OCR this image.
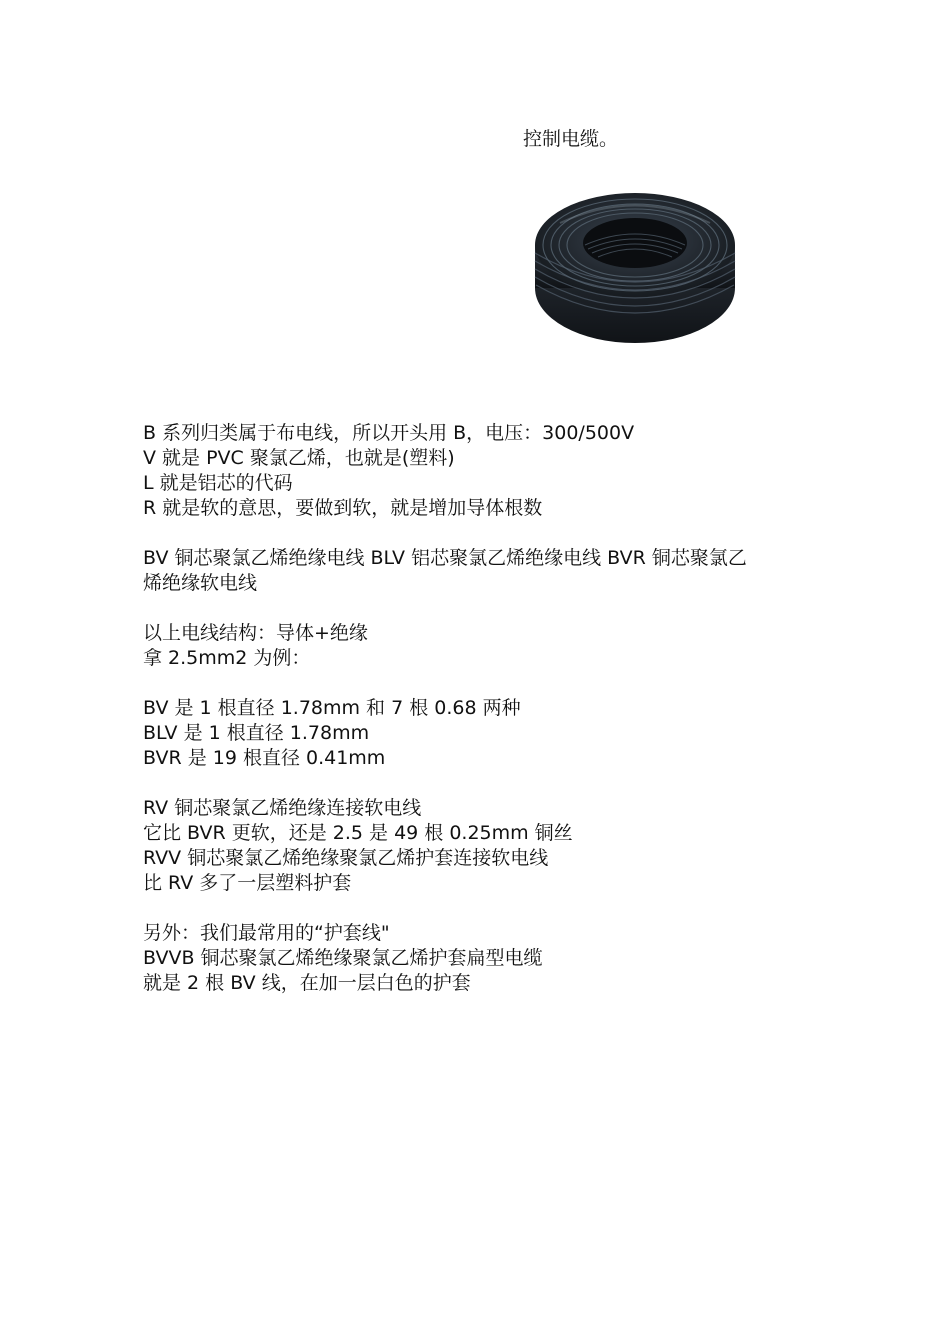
控制电缆。
B 系列归类属于布电线，所以开头用 B，电压：300/500V
V 就是 PVC 聚氯乙烯，也就是(塑料)
L 就是铝芯的代码
R 就是软的意思，要做到软，就是增加导体根数
BV 铜芯聚氯乙烯绝缘电线 BLV 铝芯聚氯乙烯绝缘电线 BVR 铜芯聚氯乙
烯绝缘软电线
以上电线结构：导体+绝缘
拿 2.5mm2 为例：
BV 是 1 根直径 1.78mm 和 7 根 0.68 两种
BLV 是 1 根直径 1.78mm
BVR 是 19 根直径 0.41mm
RV 铜芯聚氯乙烯绝缘连接软电线
它比 BVR 更软，还是 2.5 是 49 根 0.25mm 铜丝
RVV 铜芯聚氯乙烯绝缘聚氯乙烯护套连接软电线
比 RV 多了一层塑料护套
另外：我们最常用的“护套线"
BVVB 铜芯聚氯乙烯绝缘聚氯乙烯护套扁型电缆
就是 2 根 BV 线，在加一层白色的护套
